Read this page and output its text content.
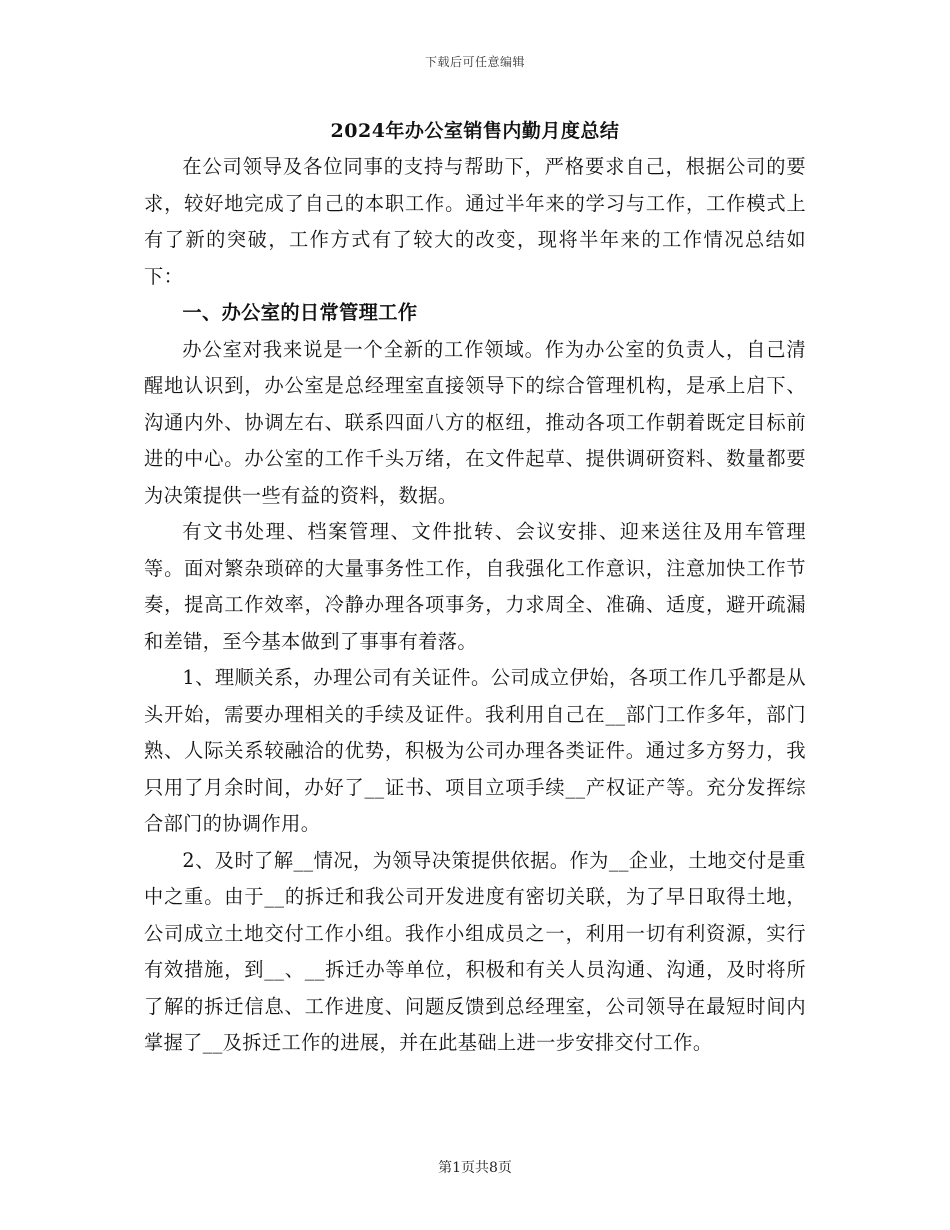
下载后可任意编辑
2024年办公室销售内勤月度总结

在公司领导及各位同事的支持与帮助下，严格要求自己，根据公司的要求，较好地完成了自己的本职工作。通过半年来的学习与工作，工作模式上有了新的突破，工作方式有了较大的改变，现将半年来的工作情况总结如下：

一、办公室的日常管理工作

办公室对我来说是一个全新的工作领域。作为办公室的负责人，自己清醒地认识到，办公室是总经理室直接领导下的综合管理机构，是承上启下、沟通内外、协调左右、联系四面八方的枢纽，推动各项工作朝着既定目标前进的中心。办公室的工作千头万绪，在文件起草、提供调研资料、数量都要为决策提供一些有益的资料，数据。

有文书处理、档案管理、文件批转、会议安排、迎来送往及用车管理等。面对繁杂琐碎的大量事务性工作，自我强化工作意识，注意加快工作节奏，提高工作效率，冷静办理各项事务，力求周全、准确、适度，避开疏漏和差错，至今基本做到了事事有着落。

1、理顺关系，办理公司有关证件。公司成立伊始，各项工作几乎都是从头开始，需要办理相关的手续及证件。我利用自己在__部门工作多年，部门熟、人际关系较融洽的优势，积极为公司办理各类证件。通过多方努力，我只用了月余时间，办好了__证书、项目立项手续__产权证产等。充分发挥综合部门的协调作用。

2、及时了解__情况，为领导决策提供依据。作为__企业，土地交付是重中之重。由于__的拆迁和我公司开发进度有密切关联，为了早日取得土地，公司成立土地交付工作小组。我作小组成员之一，利用一切有利资源，实行有效措施，到__、__拆迁办等单位，积极和有关人员沟通、沟通，及时将所了解的拆迁信息、工作进度、问题反馈到总经理室，公司领导在最短时间内掌握了__及拆迁工作的进展，并在此基础上进一步安排交付工作。

第1页共8页
